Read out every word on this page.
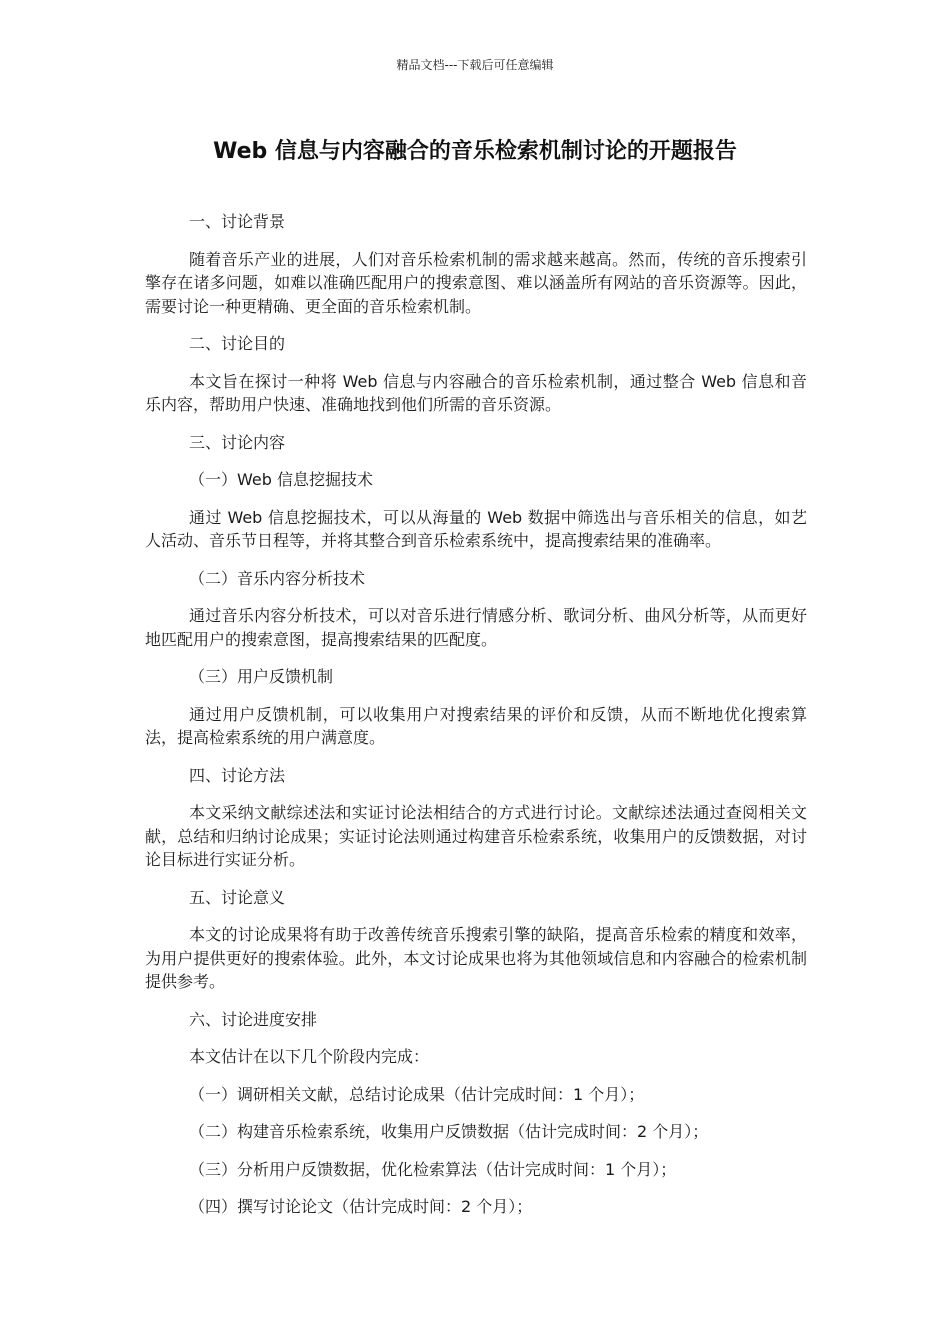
精品文档---下载后可任意编辑
Web 信息与内容融合的音乐检索机制讨论的开题报告
一、讨论背景
随着音乐产业的进展，人们对音乐检索机制的需求越来越高。然而，传统的音乐搜索引擎存在诸多问题，如难以准确匹配用户的搜索意图、难以涵盖所有网站的音乐资源等。因此，需要讨论一种更精确、更全面的音乐检索机制。
二、讨论目的
本文旨在探讨一种将 Web 信息与内容融合的音乐检索机制，通过整合 Web 信息和音乐内容，帮助用户快速、准确地找到他们所需的音乐资源。
三、讨论内容
（一）Web 信息挖掘技术
通过 Web 信息挖掘技术，可以从海量的 Web 数据中筛选出与音乐相关的信息，如艺人活动、音乐节日程等，并将其整合到音乐检索系统中，提高搜索结果的准确率。
（二）音乐内容分析技术
通过音乐内容分析技术，可以对音乐进行情感分析、歌词分析、曲风分析等，从而更好地匹配用户的搜索意图，提高搜索结果的匹配度。
（三）用户反馈机制
通过用户反馈机制，可以收集用户对搜索结果的评价和反馈，从而不断地优化搜索算法，提高检索系统的用户满意度。
四、讨论方法
本文采纳文献综述法和实证讨论法相结合的方式进行讨论。文献综述法通过查阅相关文献，总结和归纳讨论成果；实证讨论法则通过构建音乐检索系统，收集用户的反馈数据，对讨论目标进行实证分析。
五、讨论意义
本文的讨论成果将有助于改善传统音乐搜索引擎的缺陷，提高音乐检索的精度和效率，为用户提供更好的搜索体验。此外，本文讨论成果也将为其他领域信息和内容融合的检索机制提供参考。
六、讨论进度安排
本文估计在以下几个阶段内完成：
（一）调研相关文献，总结讨论成果（估计完成时间：1 个月）；
（二）构建音乐检索系统，收集用户反馈数据（估计完成时间：2 个月）；
（三）分析用户反馈数据，优化检索算法（估计完成时间：1 个月）；
（四）撰写讨论论文（估计完成时间：2 个月）；
